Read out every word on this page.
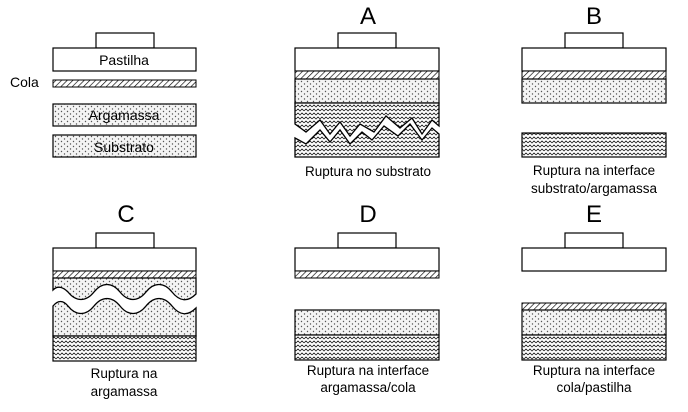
Pastilha
Cola
Argamassa
Substrato
A
Ruptura no substrato
B
Ruptura na interface
substrato/argamassa
C
Ruptura na
argamassa
D
Ruptura na interface
argamassa/cola
E
Ruptura na interface
cola/pastilha
